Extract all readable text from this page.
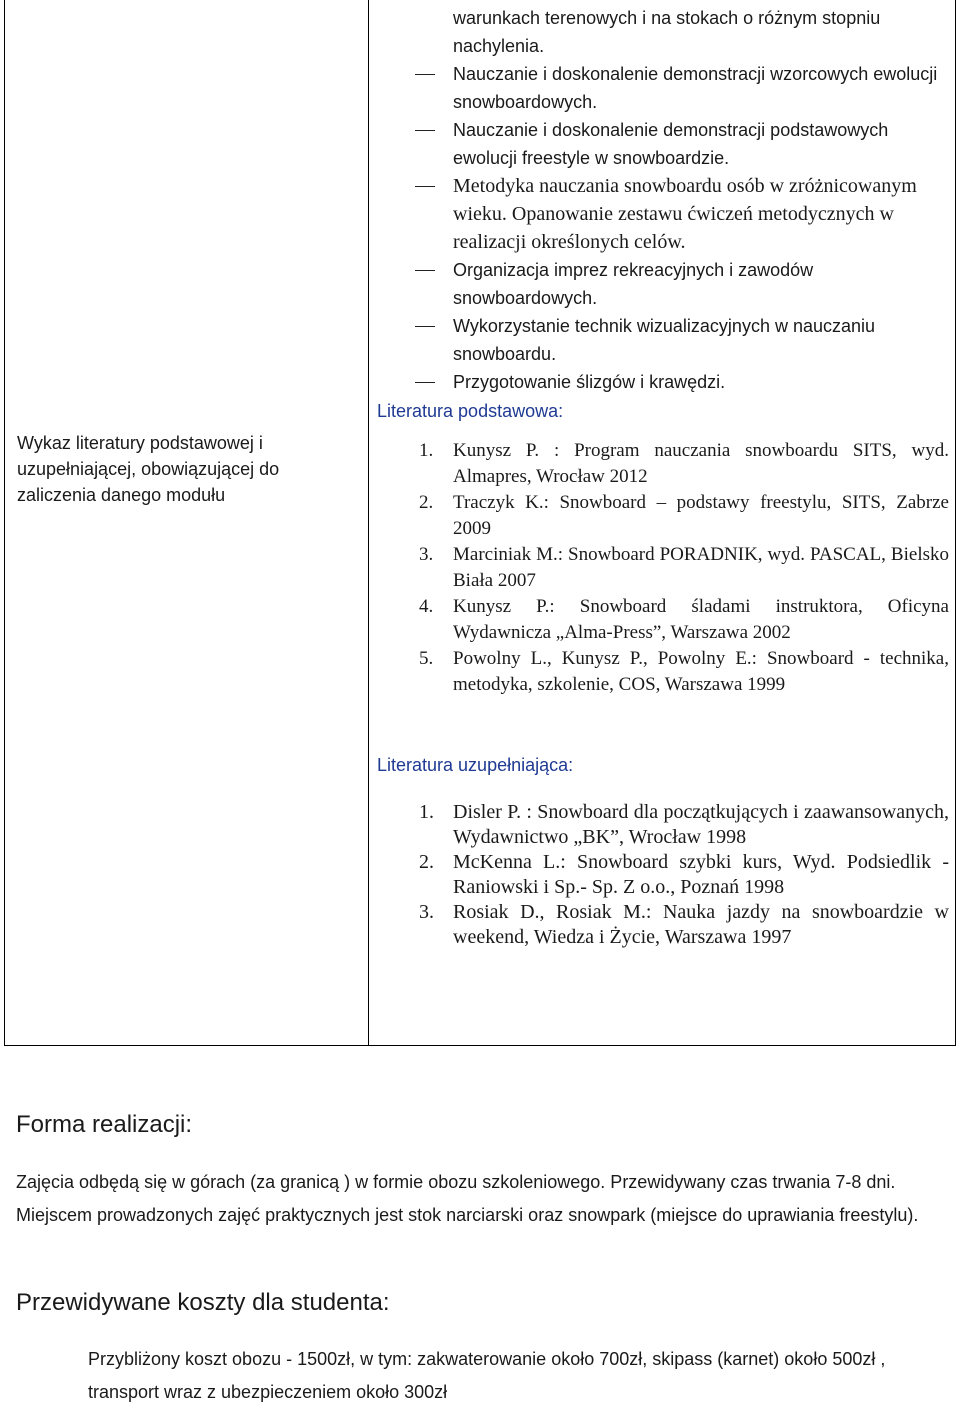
Wykaz literatury podstawowej i uzupełniającej, obowiązującej do zaliczenia danego modułu

warunkach terenowych i na stokach o różnym stopniu nachylenia.

Nauczanie i doskonalenie demonstracji wzorcowych ewolucji snowboardowych.
Nauczanie i doskonalenie demonstracji podstawowych ewolucji freestyle w snowboardzie.
Metodyka nauczania snowboardu osób w zróżnicowanym wieku. Opanowanie zestawu ćwiczeń metodycznych w realizacji określonych celów.
Organizacja imprez rekreacyjnych i zawodów snowboardowych.
Wykorzystanie technik wizualizacyjnych w nauczaniu snowboardu.
Przygotowanie ślizgów i krawędzi.
Literatura podstawowa:
1. Kunysz P. : Program nauczania snowboardu SITS, wyd. Almapres, Wrocław 2012
2. Traczyk K.: Snowboard – podstawy freestylu, SITS, Zabrze 2009
3. Marciniak M.: Snowboard PORADNIK, wyd. PASCAL, Bielsko Biała 2007
4. Kunysz P.: Snowboard śladami instruktora, Oficyna Wydawnicza „Alma-Press”, Warszawa 2002
5. Powolny L., Kunysz P., Powolny E.: Snowboard - technika, metodyka, szkolenie, COS, Warszawa 1999
Literatura uzupełniająca:
1. Disler P. : Snowboard dla początkujących i zaawansowanych, Wydawnictwo „BK”, Wrocław 1998
2. McKenna L.: Snowboard szybki kurs, Wyd. Podsiedlik - Raniowski i Sp.- Sp. Z o.o., Poznań 1998
3. Rosiak D., Rosiak M.: Nauka jazdy na snowboardzie w weekend, Wiedza i Życie, Warszawa 1997

Forma realizacji:

Zajęcia odbędą się w górach (za granicą ) w formie obozu szkoleniowego. Przewidywany czas trwania 7-8 dni. Miejscem prowadzonych zajęć praktycznych jest stok narciarski oraz snowpark (miejsce do uprawiania freestylu).

Przewidywane koszty dla studenta:

Przybliżony koszt obozu - 1500zł, w tym: zakwaterowanie około 700zł, skipass (karnet) około 500zł , transport wraz z ubezpieczeniem około 300zł
